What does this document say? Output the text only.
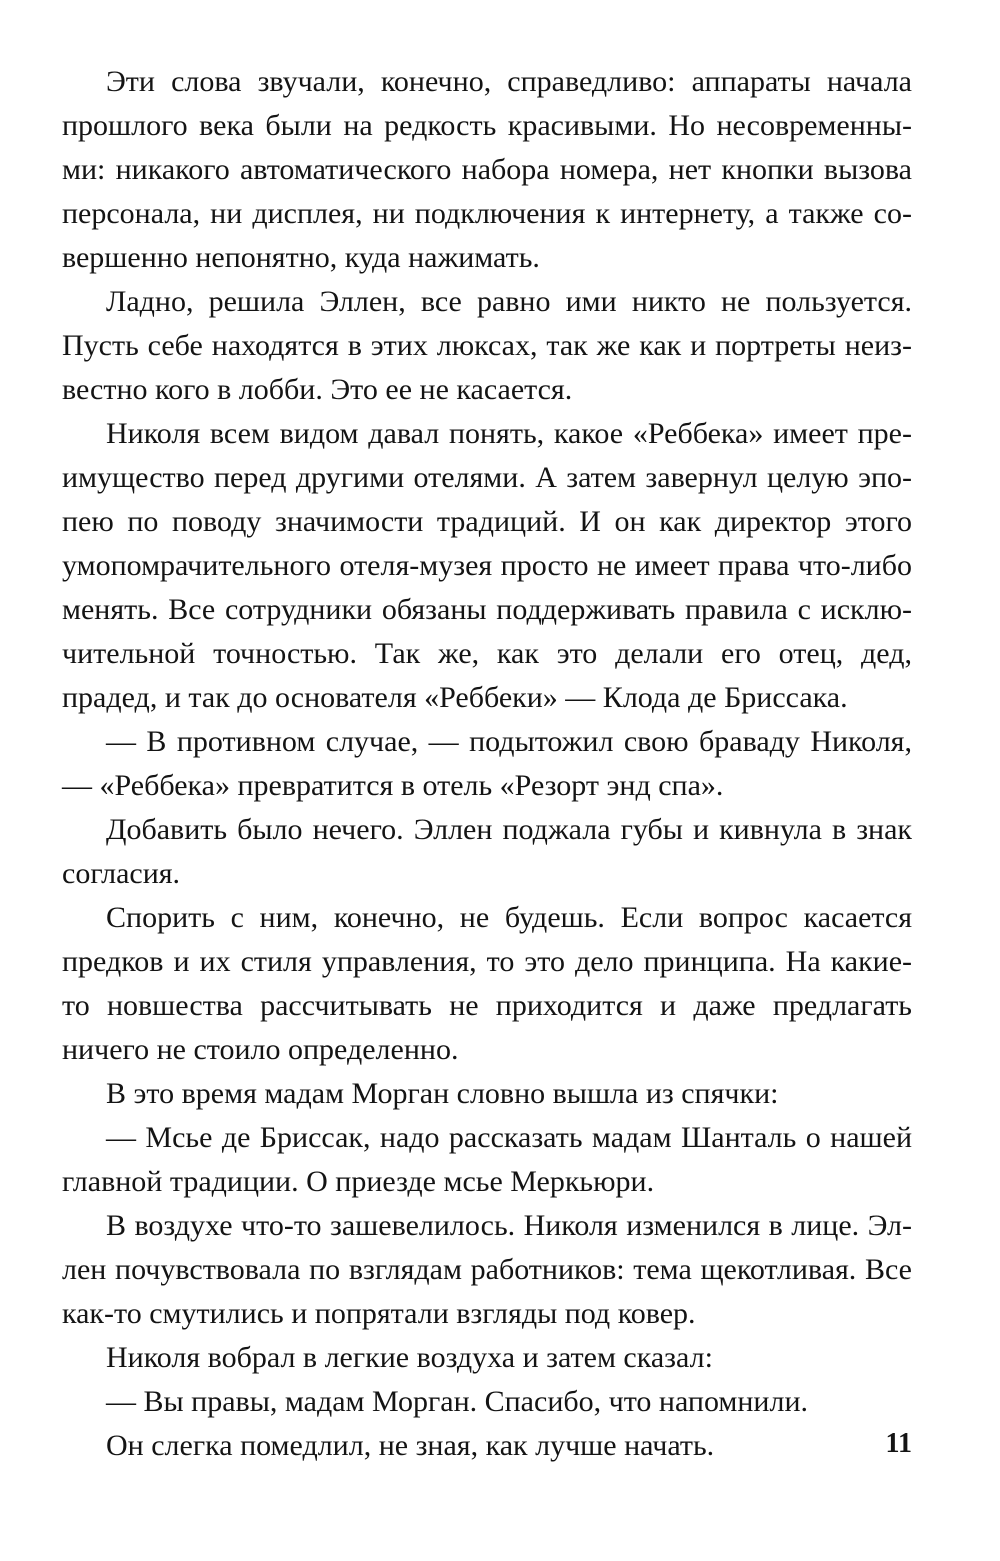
Эти слова звучали, конечно, справедливо: аппараты начала прошлого века были на редкость красивыми. Но несовременными: никакого автоматического набора номера, нет кнопки вызова персонала, ни дисплея, ни подключения к интернету, а также совершенно непонятно, куда нажимать.

Ладно, решила Эллен, все равно ими никто не пользуется. Пусть себе находятся в этих люксах, так же как и портреты неизвестно кого в лобби. Это ее не касается.

Николя всем видом давал понять, какое «Реббека» имеет преимущество перед другими отелями. А затем завернул целую эпопею по поводу значимости традиций. И он как директор этого умопомрачительного отеля-музея просто не имеет права что-либо менять. Все сотрудники обязаны поддерживать правила с исключительной точностью. Так же, как это делали его отец, дед, прадед, и так до основателя «Реббеки» — Клода де Бриссака.

— В противном случае, — подытожил свою браваду Николя, — «Реббека» превратится в отель «Резорт энд спа».

Добавить было нечего. Эллен поджала губы и кивнула в знак согласия.

Спорить с ним, конечно, не будешь. Если вопрос касается предков и их стиля управления, то это дело принципа. На какие-то новшества рассчитывать не приходится и даже предлагать ничего не стоило определенно.

В это время мадам Морган словно вышла из спячки:

— Мсье де Бриссак, надо рассказать мадам Шанталь о нашей главной традиции. О приезде мсье Меркьюри.

В воздухе что-то зашевелилось. Николя изменился в лице. Эллен почувствовала по взглядам работников: тема щекотливая. Все как-то смутились и попрятали взгляды под ковер.

Николя вобрал в легкие воздуха и затем сказал:

— Вы правы, мадам Морган. Спасибо, что напомнили.

Он слегка помедлил, не зная, как лучше начать.	11
